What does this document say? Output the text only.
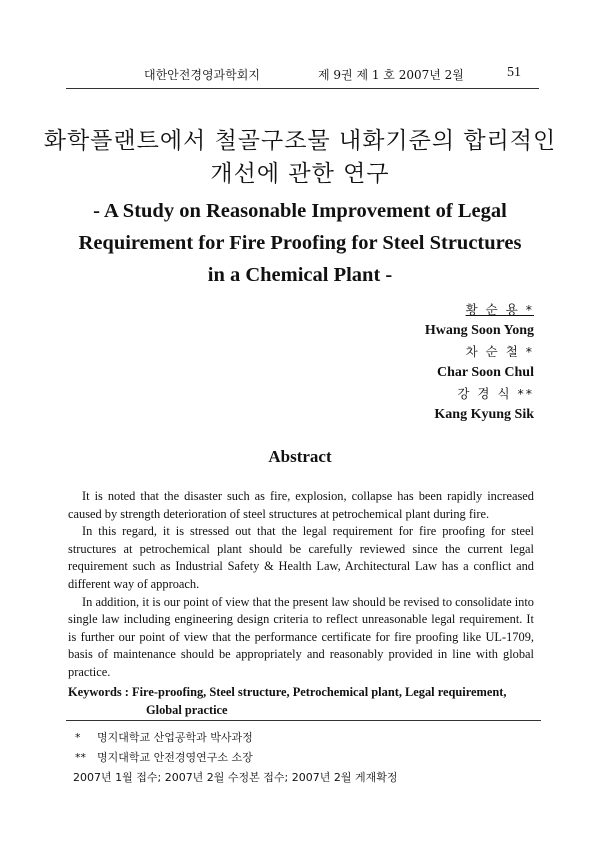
대한안전경영과학회지	제 9권 제 1 호 2007년 2월	51
화학플랜트에서 철골구조물 내화기준의 합리적인
개선에 관한 연구
- A Study on Reasonable Improvement of Legal
Requirement for Fire Proofing for Steel Structures
in a Chemical Plant -
황 순 용 *
Hwang Soon Yong
차 순 철 *
Char Soon Chul
강 경 식 **
Kang Kyung Sik
Abstract

It is noted that the disaster such as fire, explosion, collapse has been rapidly increased caused by strength deterioration of steel structures at petrochemical plant during fire.

In this regard, it is stressed out that the legal requirement for fire proofing for steel structures at petrochemical plant should be carefully reviewed since the current legal requirement such as Industrial Safety & Health Law, Architectural Law has a conflict and different way of approach.

In addition, it is our point of view that the present law should be revised to consolidate into single law including engineering design criteria to reflect unreasonable legal requirement. It is further our point of view that the performance certificate for fire proofing like UL-1709, basis of maintenance should be appropriately and reasonably provided in line with global practice.

Keywords : Fire-proofing, Steel structure, Petrochemical plant, Legal requirement,
Global practice
* 명지대학교 산업공학과 박사과정
** 명지대학교 안전경영연구소 소장
2007년 1월 접수; 2007년 2월 수정본 접수; 2007년 2월 게재확정
